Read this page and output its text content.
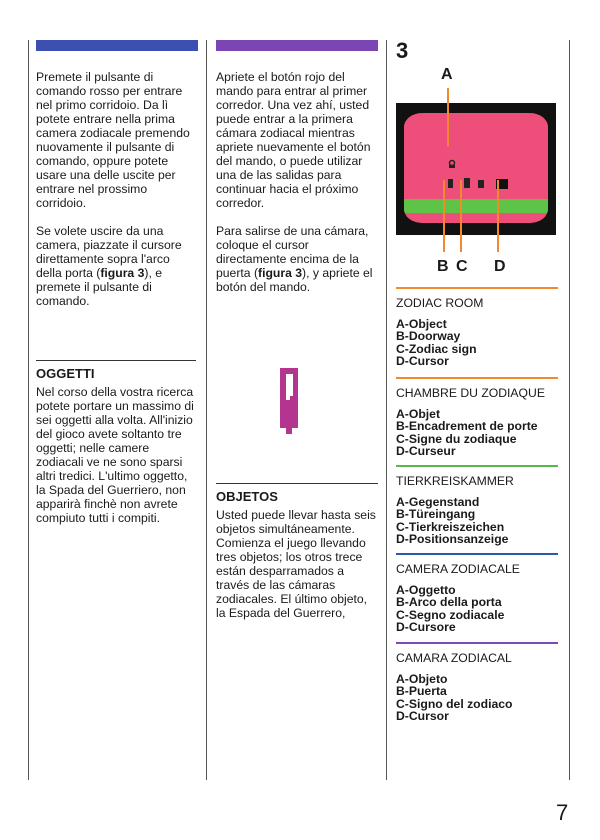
Premete il pulsante di comando rosso per entrare nel primo corridoio. Da lì potete entrare nella prima camera zodiacale premendo nuovamente il pulsante di comando, oppure potete usare una delle uscite per entrare nel prossimo corridoio.

Se volete uscire da una camera, piazzate il cursore direttamente sopra l'arco della porta (figura 3), e premete il pulsante di comando.

OGGETTI

Nel corso della vostra ricerca potete portare un massimo di sei oggetti alla volta. All'inizio del gioco avete soltanto tre oggetti; nelle camere zodiacali ve ne sono sparsi altri tredici. L'ultimo oggetto, la Spada del Guerriero, non apparirà finchè non avrete compiuto tutti i compiti.

Apriete el botón rojo del mando para entrar al primer corredor. Una vez ahí, usted puede entrar a la primera cámara zodiacal mientras apriete nuevamente el botón del mando, o puede utilizar una de las salidas para continuar hacia el próximo corredor.

Para salirse de una cámara, coloque el cursor directamente encima de la puerta (figura 3), y apriete el botón del mando.

OBJETOS

Usted puede llevar hasta seis objetos simultáneamente. Comienza el juego llevando tres objetos; los otros trece están desparramados a través de las cámaras zodiacales. El último objeto, la Espada del Guerrero,

3
A
B C D
ZODIAC ROOM
A-Object
B-Doorway
C-Zodiac sign
D-Cursor
CHAMBRE DU ZODIAQUE
A-Objet
B-Encadrement de porte
C-Signe du zodiaque
D-Curseur
TIERKREISKAMMER
A-Gegenstand
B-Türeingang
C-Tierkreiszeichen
D-Positionsanzeige
CAMERA ZODIACALE
A-Oggetto
B-Arco della porta
C-Segno zodiacale
D-Cursore
CAMARA ZODIACAL
A-Objeto
B-Puerta
C-Signo del zodiaco
D-Cursor
7
